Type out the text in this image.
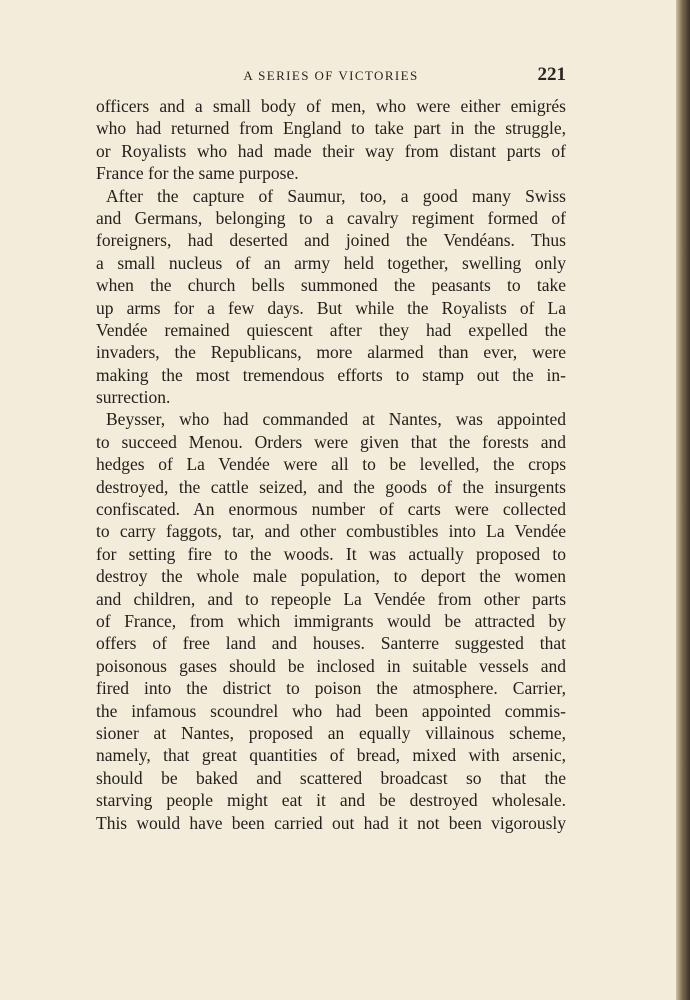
A SERIES OF VICTORIES	221
officers and a small body of men, who were either emigrés
who had returned from England to take part in the struggle,
or Royalists who had made their way from distant parts of
France for the same purpose.
After the capture of Saumur, too, a good many Swiss
and Germans, belonging to a cavalry regiment formed of
foreigners, had deserted and joined the Vendéans. Thus
a small nucleus of an army held together, swelling only
when the church bells summoned the peasants to take
up arms for a few days. But while the Royalists of La
Vendée remained quiescent after they had expelled the
invaders, the Republicans, more alarmed than ever, were
making the most tremendous efforts to stamp out the in-
surrection.
Beysser, who had commanded at Nantes, was appointed
to succeed Menou. Orders were given that the forests and
hedges of La Vendée were all to be levelled, the crops
destroyed, the cattle seized, and the goods of the insurgents
confiscated. An enormous number of carts were collected
to carry faggots, tar, and other combustibles into La Vendée
for setting fire to the woods. It was actually proposed to
destroy the whole male population, to deport the women
and children, and to repeople La Vendée from other parts
of France, from which immigrants would be attracted by
offers of free land and houses. Santerre suggested that
poisonous gases should be inclosed in suitable vessels and
fired into the district to poison the atmosphere. Carrier,
the infamous scoundrel who had been appointed commis-
sioner at Nantes, proposed an equally villainous scheme,
namely, that great quantities of bread, mixed with arsenic,
should be baked and scattered broadcast so that the
starving people might eat it and be destroyed wholesale.
This would have been carried out had it not been vigorously
